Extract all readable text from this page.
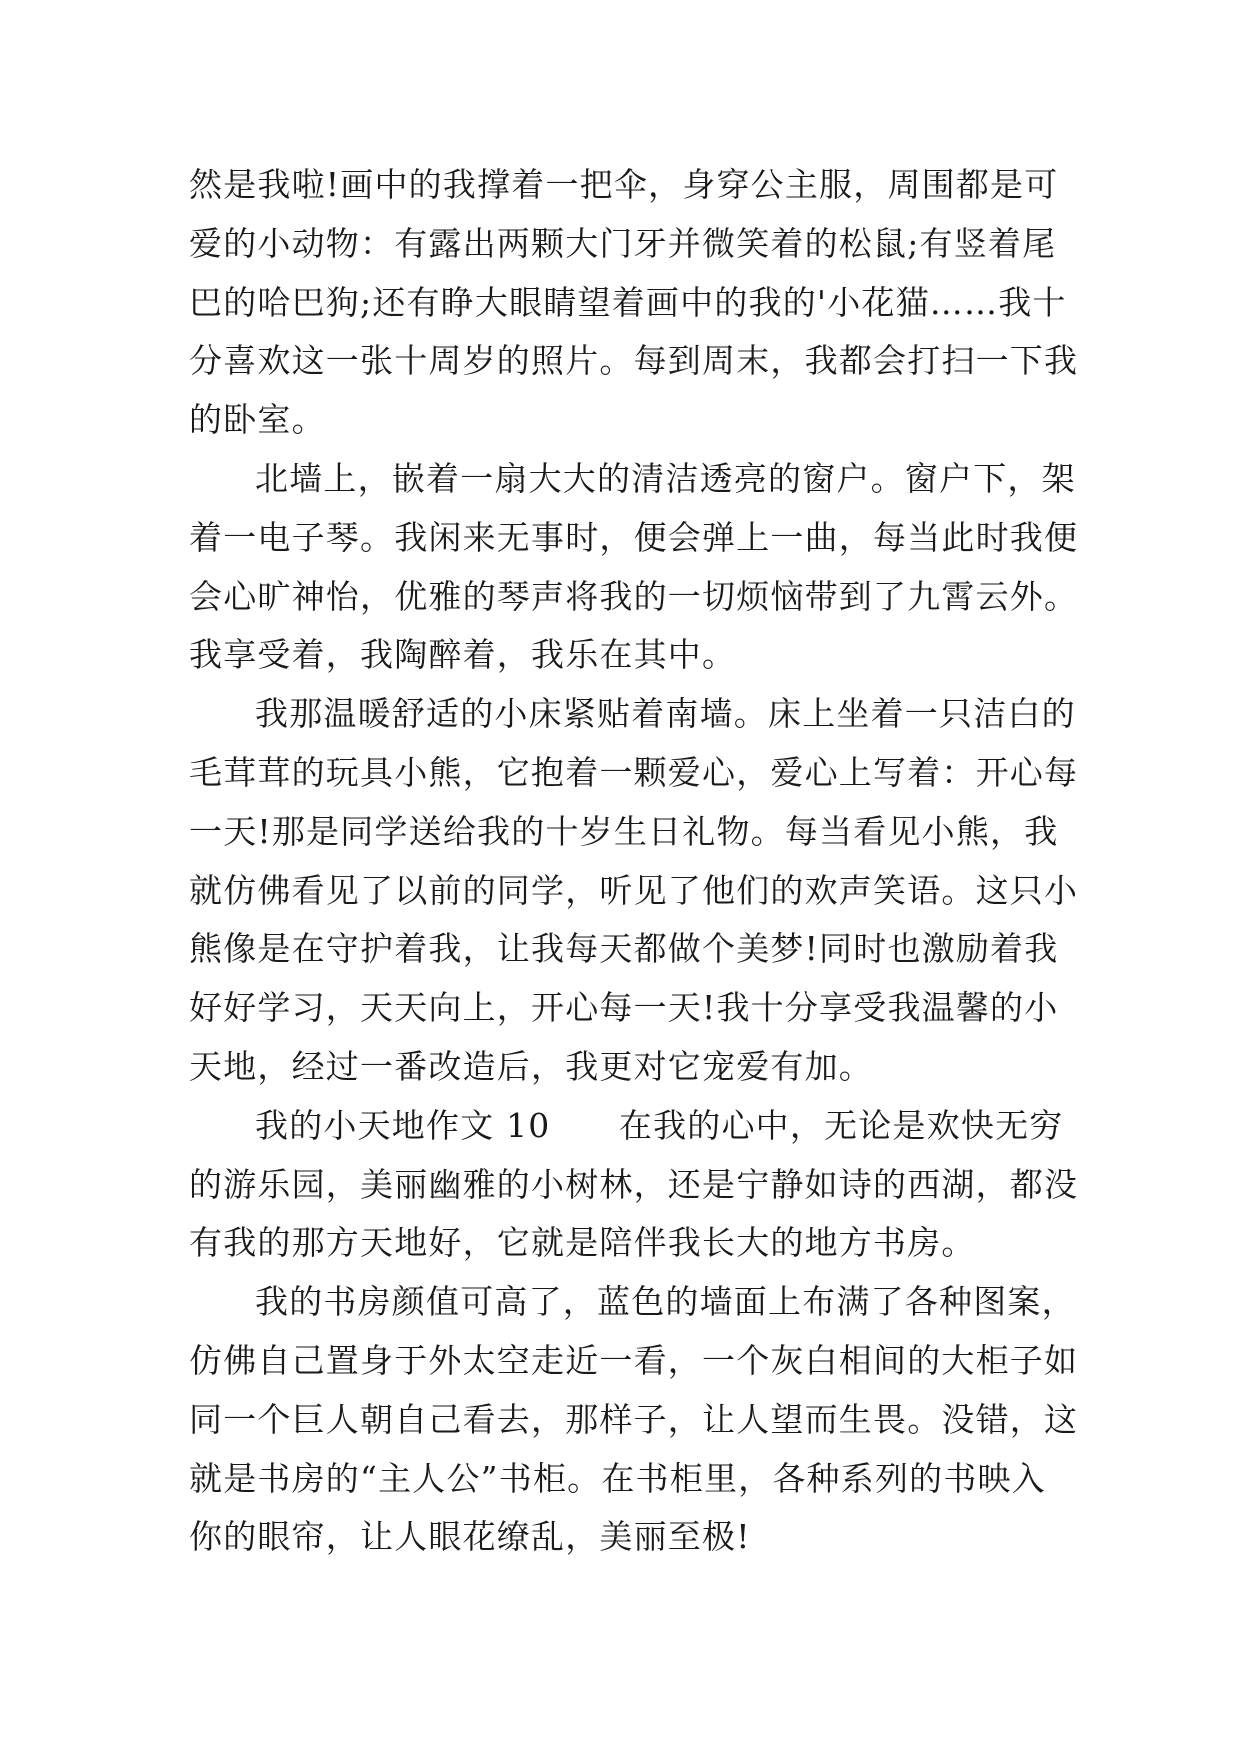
然是我啦!画中的我撑着一把伞，身穿公主服，周围都是可
爱的小动物：有露出两颗大门牙并微笑着的松鼠;有竖着尾
巴的哈巴狗;还有睁大眼睛望着画中的我的'小花猫……我十
分喜欢这一张十周岁的照片。每到周末，我都会打扫一下我
的卧室。
北墙上，嵌着一扇大大的清洁透亮的窗户。窗户下，架
着一电子琴。我闲来无事时，便会弹上一曲，每当此时我便
会心旷神怡，优雅的琴声将我的一切烦恼带到了九霄云外。
我享受着，我陶醉着，我乐在其中。
我那温暖舒适的小床紧贴着南墙。床上坐着一只洁白的
毛茸茸的玩具小熊，它抱着一颗爱心，爱心上写着：开心每
一天!那是同学送给我的十岁生日礼物。每当看见小熊，我
就仿佛看见了以前的同学，听见了他们的欢声笑语。这只小
熊像是在守护着我，让我每天都做个美梦!同时也激励着我
好好学习，天天向上，开心每一天!我十分享受我温馨的小
天地，经过一番改造后，我更对它宠爱有加。
我的小天地作文 10　　在我的心中，无论是欢快无穷
的游乐园，美丽幽雅的小树林，还是宁静如诗的西湖，都没
有我的那方天地好，它就是陪伴我长大的地方书房。
我的书房颜值可高了，蓝色的墙面上布满了各种图案，
仿佛自己置身于外太空走近一看，一个灰白相间的大柜子如
同一个巨人朝自己看去，那样子，让人望而生畏。没错，这
就是书房的“主人公”书柜。在书柜里，各种系列的书映入
你的眼帘，让人眼花缭乱，美丽至极!
